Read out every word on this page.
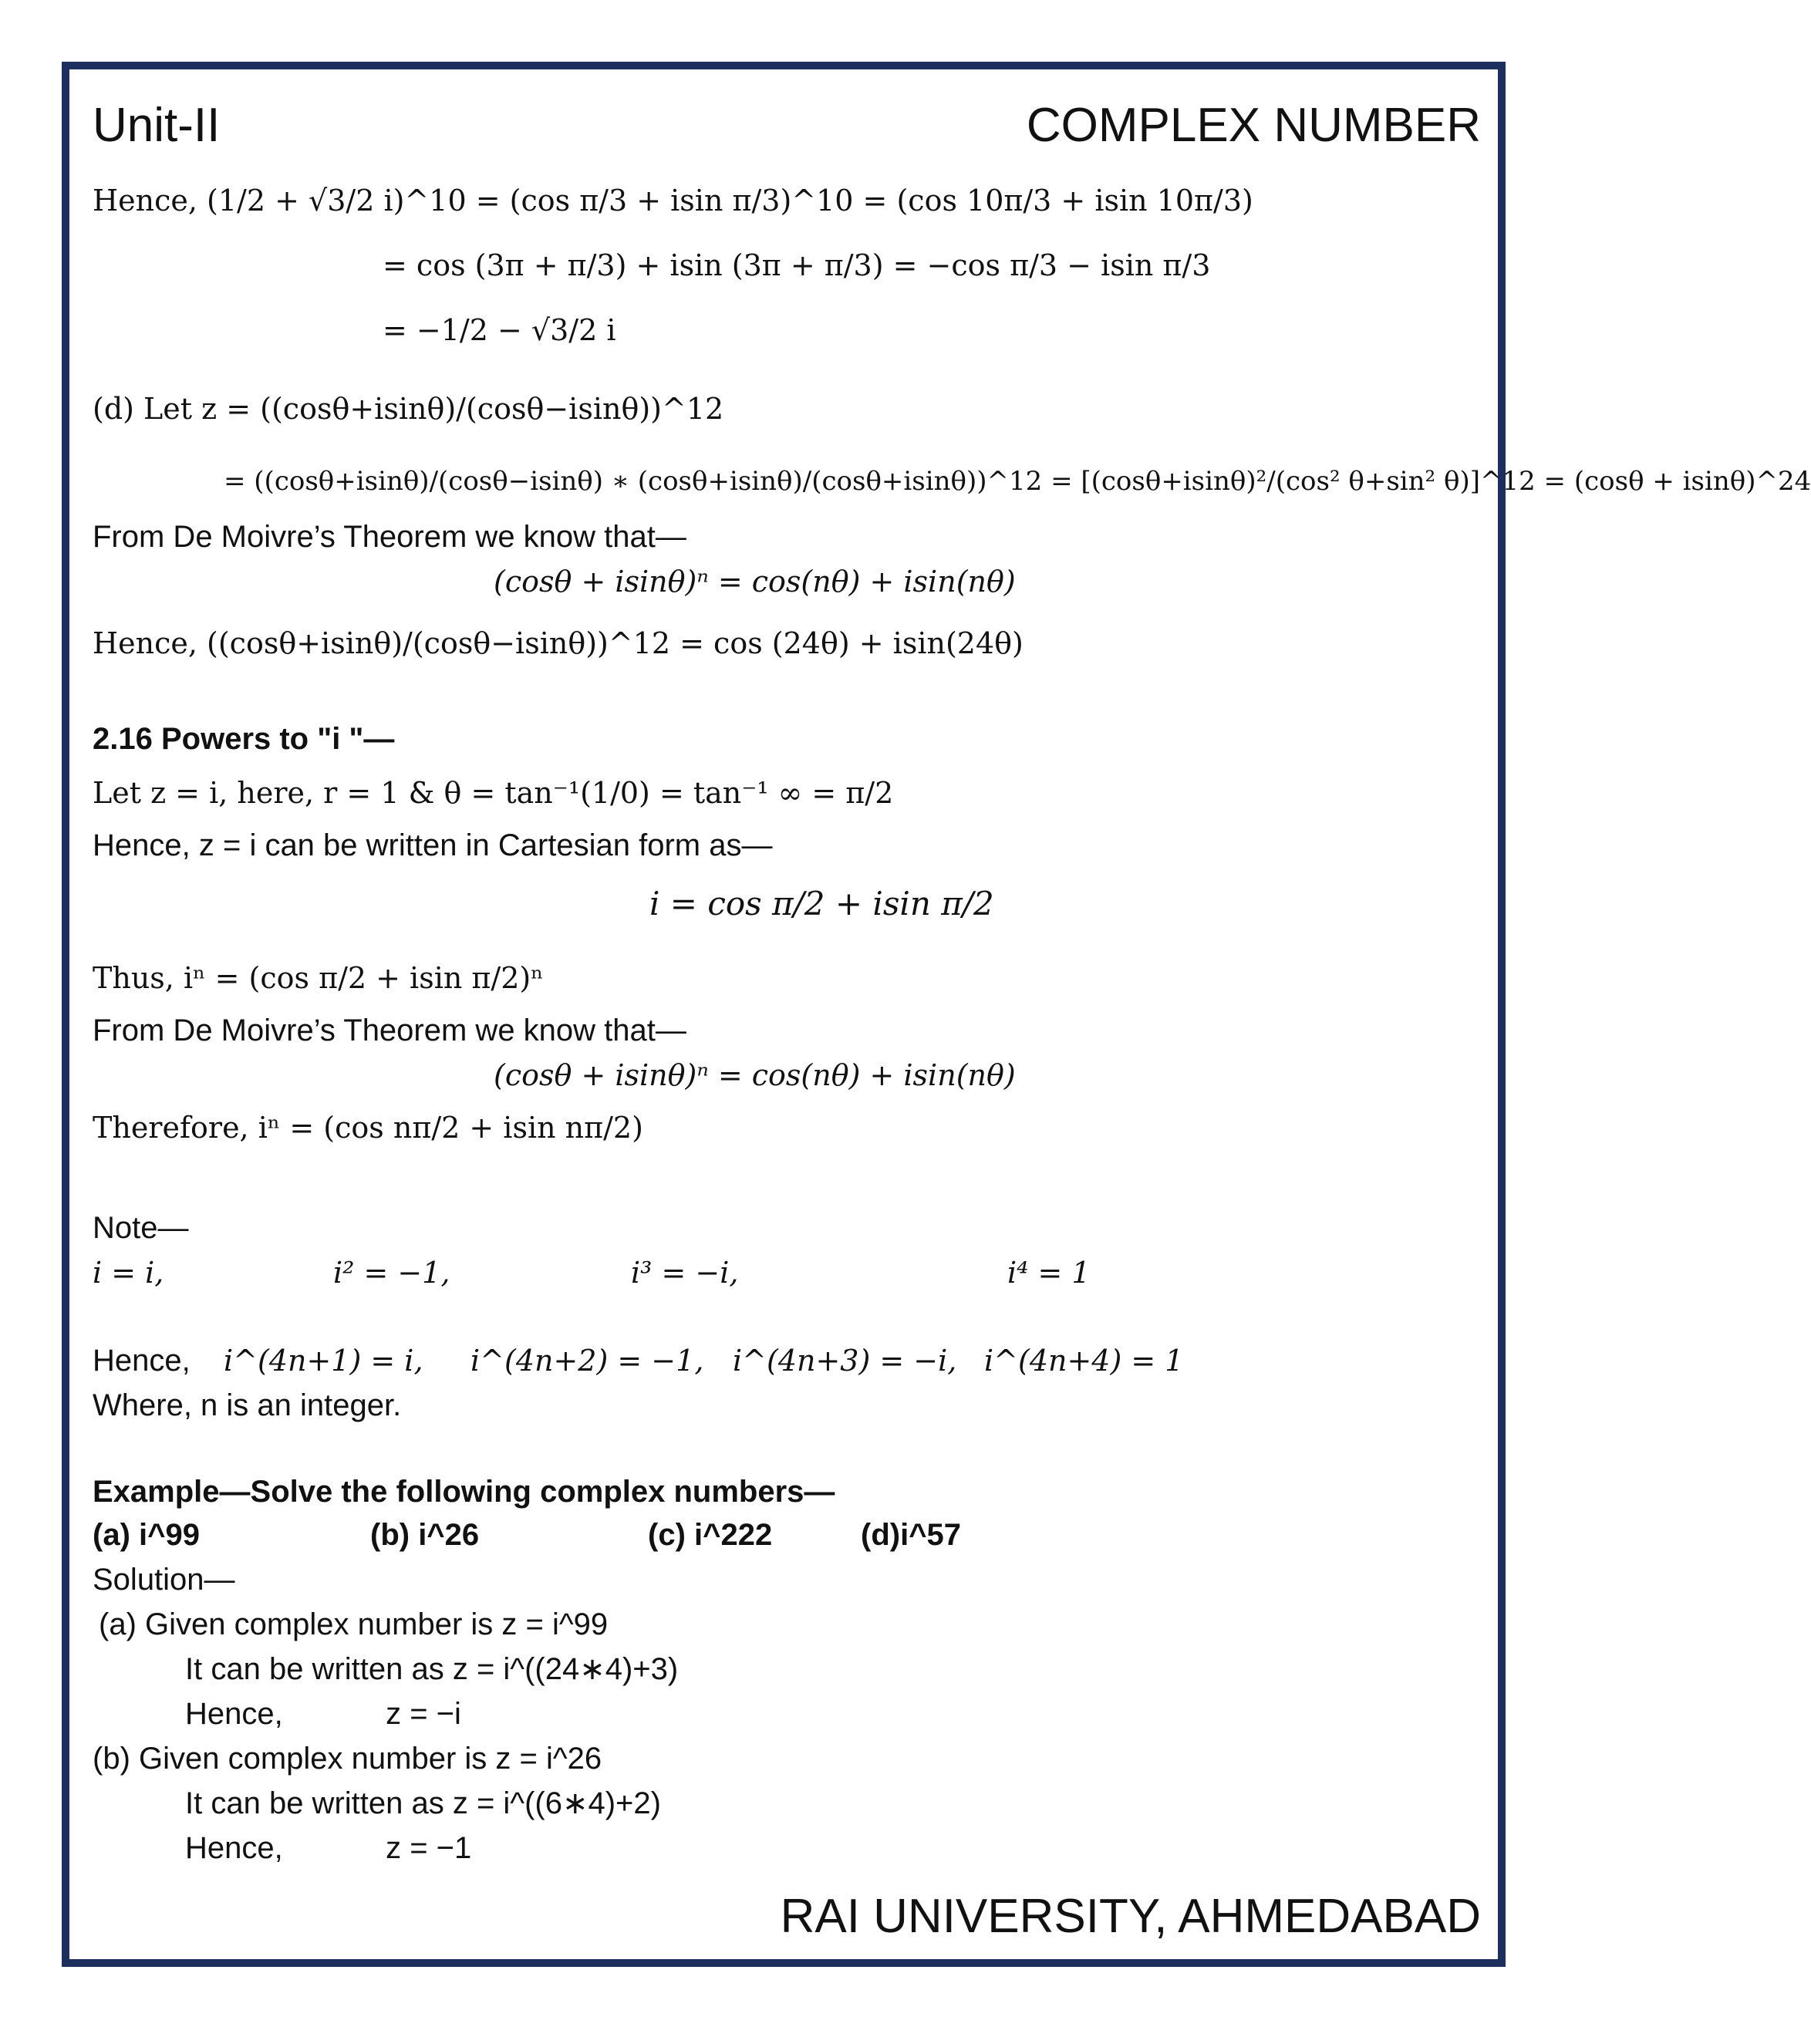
Unit-II	COMPLEX NUMBER
Hence, (1/2 + √3/2 i)^10 = (cos π/3 + isin π/3)^10 = (cos 10π/3 + isin 10π/3)
= cos (3π + π/3) + isin (3π + π/3) = −cos π/3 − isin π/3
= −1/2 − √3/2 i
(d) Let z = ((cosθ+isinθ)/(cosθ−isinθ))^12
= ((cosθ+isinθ)/(cosθ−isinθ) ∗ (cosθ+isinθ)/(cosθ+isinθ))^12 = [(cosθ+isinθ)²/(cos² θ+sin² θ)]^12 = (cosθ + isinθ)^24
From De Moivre’s Theorem we know that—
(cosθ + isinθ)ⁿ = cos(nθ) + isin(nθ)
Hence, ((cosθ+isinθ)/(cosθ−isinθ))^12 = cos (24θ) + isin(24θ)
2.16 Powers to "i "—
Let z = i, here, r = 1 & θ = tan⁻¹(1/0) = tan⁻¹ ∞ = π/2
Hence, z = i can be written in Cartesian form as—
i = cos π/2 + isin π/2
Thus, iⁿ = (cos π/2 + isin π/2)ⁿ
From De Moivre’s Theorem we know that—
(cosθ + isinθ)ⁿ = cos(nθ) + isin(nθ)
Therefore, iⁿ = (cos nπ/2 + isin nπ/2)
Note—
i = i,	i² = −1,	i³ = −i,	i⁴ = 1
Hence, i^(4n+1) = i, i^(4n+2) = −1, i^(4n+3) = −i, i^(4n+4) = 1
Where, n is an integer.
Example—Solve the following complex numbers—
(a) i^99	(b) i^26	(c) i^222	(d)i^57
Solution—
(a) Given complex number is z = i^99
It can be written as z = i^((24∗4)+3)
Hence,            z = −i
(b) Given complex number is z = i^26
It can be written as z = i^((6∗4)+2)
Hence,            z = −1
RAI UNIVERSITY, AHMEDABAD
